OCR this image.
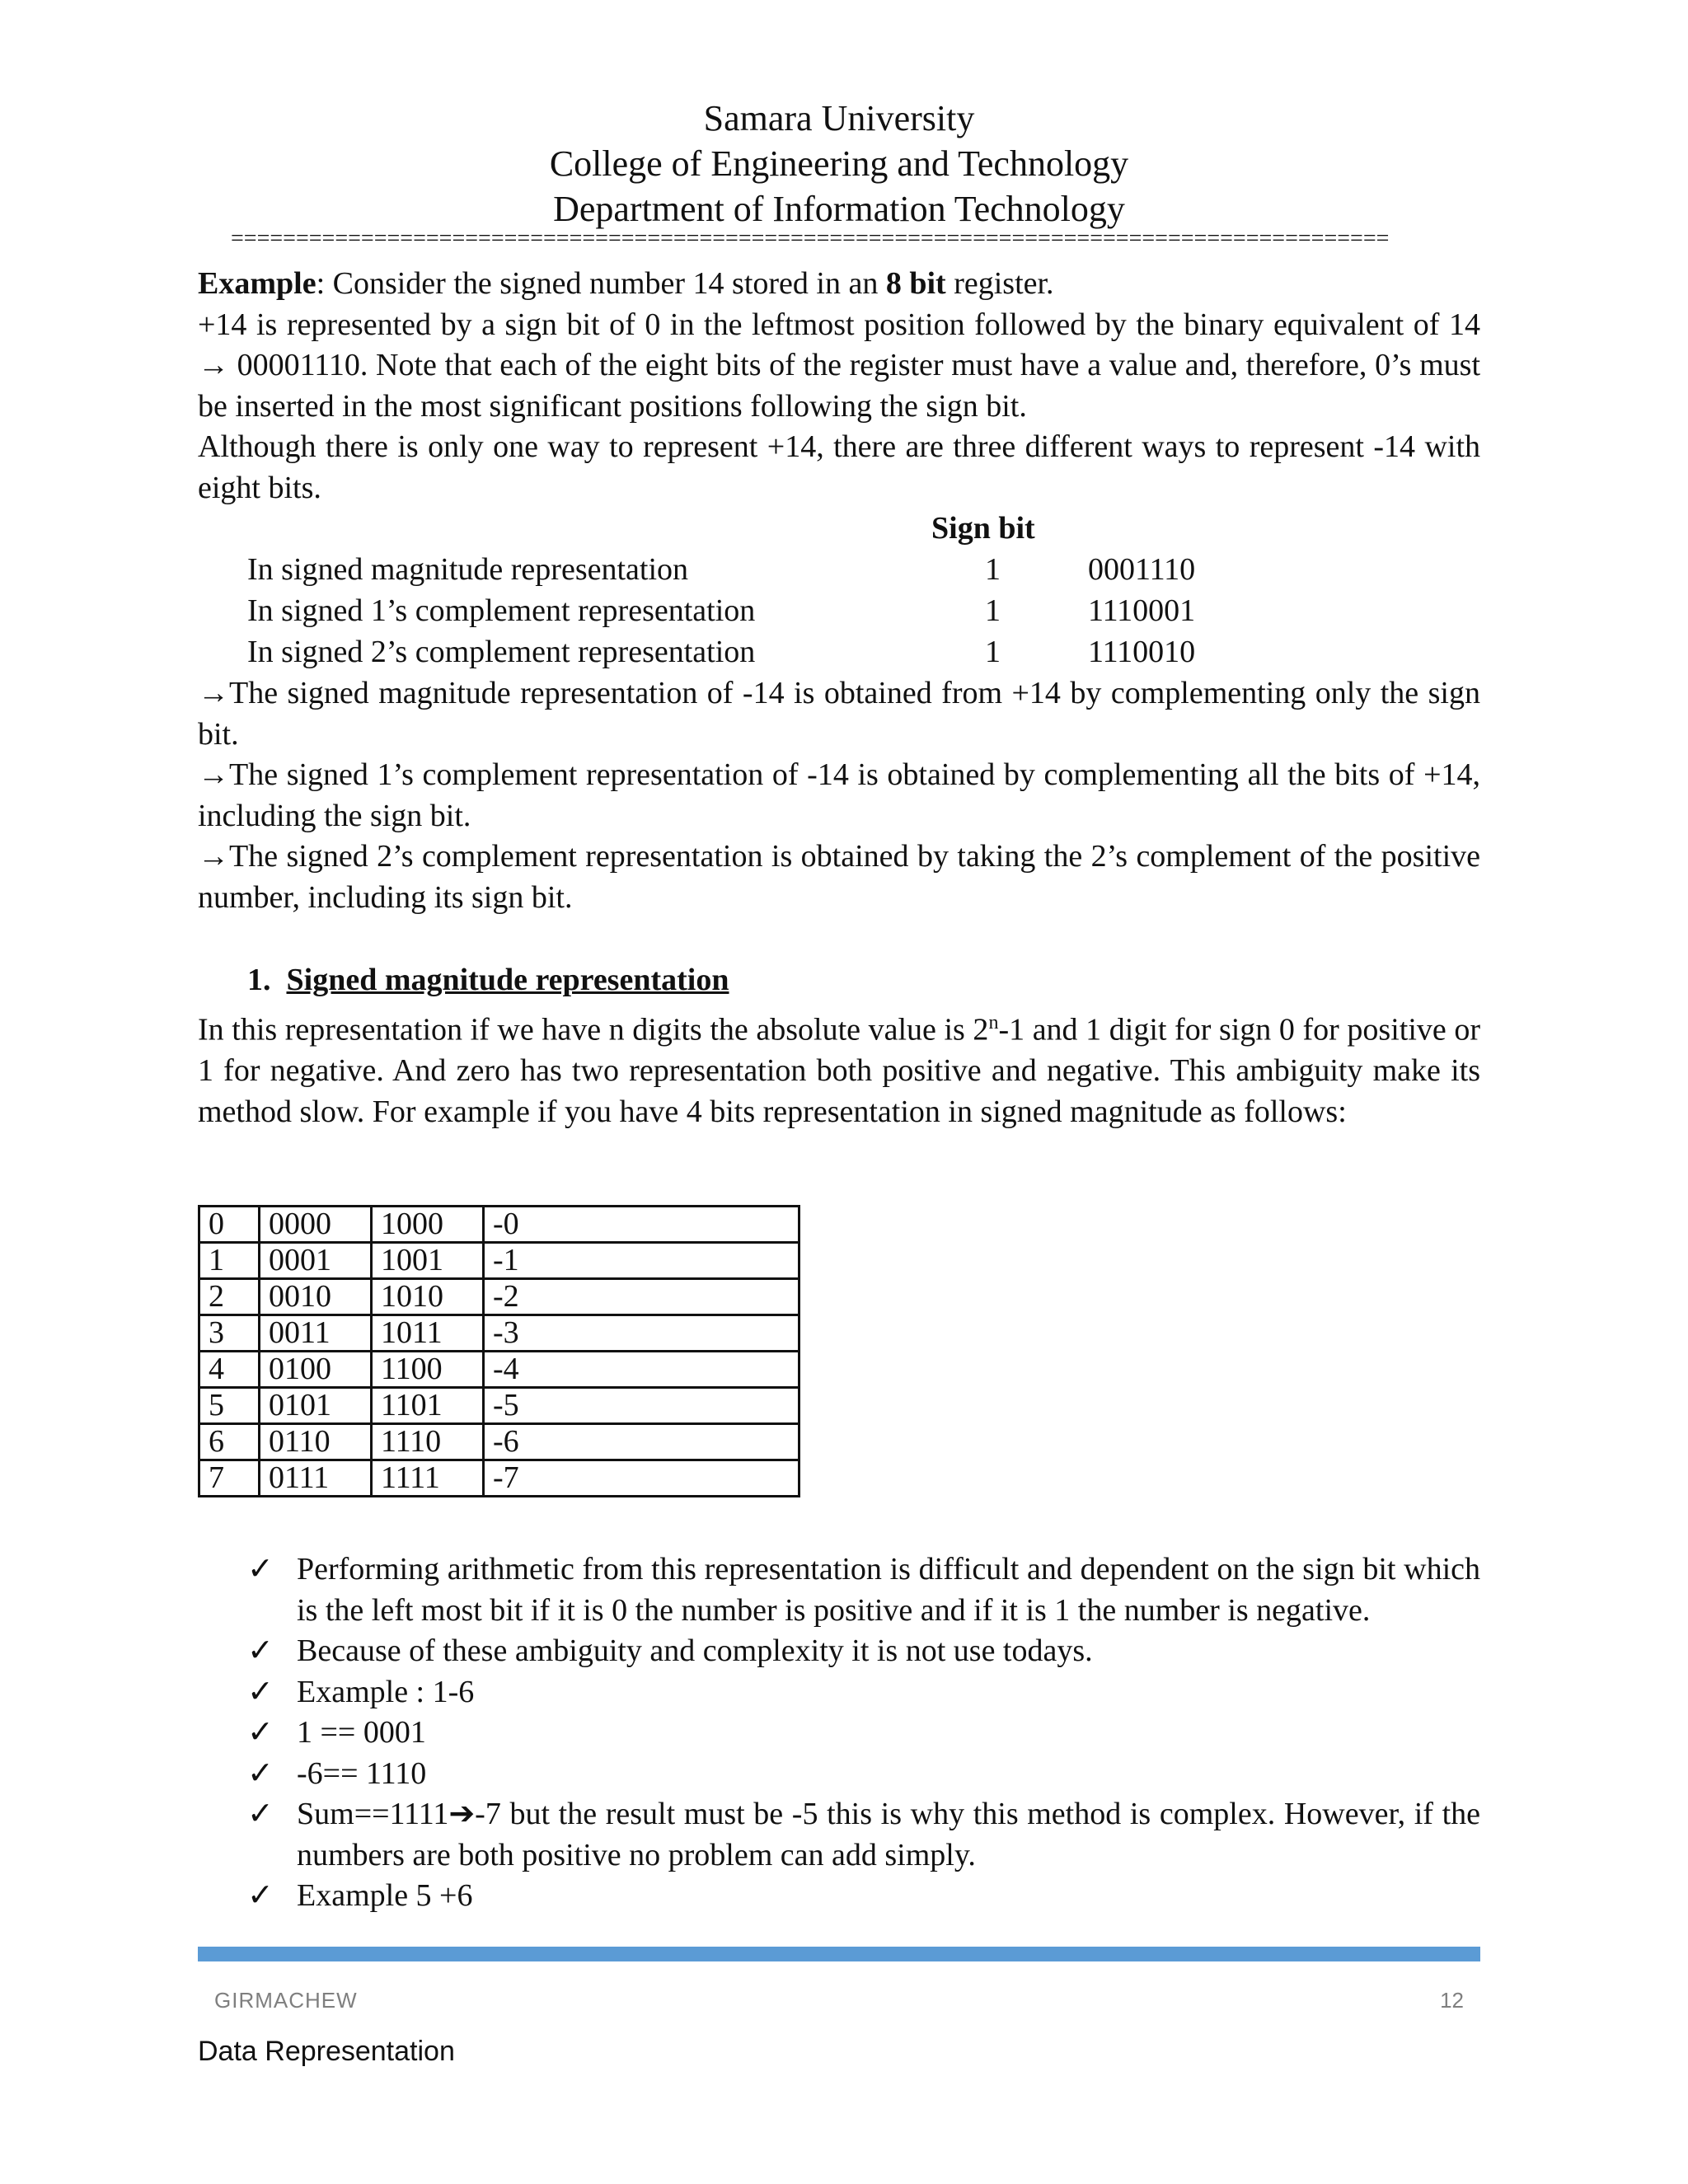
Samara University
College of Engineering and Technology
Department of Information Technology
=========================================================================================

Example: Consider the signed number 14 stored in an 8 bit register.

+14 is represented by a sign bit of 0 in the leftmost position followed by the binary equivalent of 14 → 00001110. Note that each of the eight bits of the register must have a value and, therefore, 0’s must be inserted in the most significant positions following the sign bit.

Although there is only one way to represent +14, there are three different ways to represent -14 with eight bits.

Sign bit
In signed magnitude representation	1	0001110
In signed 1’s complement representation	1	1110001
In signed 2’s complement representation	1	1110010

→The signed magnitude representation of -14 is obtained from +14 by complementing only the sign bit.

→The signed 1’s complement representation of -14 is obtained by complementing all the bits of +14, including the sign bit.

→The signed 2’s complement representation is obtained by taking the 2’s complement of the positive number, including its sign bit.

1. Signed magnitude representation

In this representation if we have n digits the absolute value is 2$^n$-1 and 1 digit for sign 0 for positive or 1 for negative. And zero has two representation both positive and negative. This ambiguity make its method slow. For example if you have 4 bits representation in signed magnitude as follows:

0	0000	1000	-0
1	0001	1001	-1
2	0010	1010	-2
3	0011	1011	-3
4	0100	1100	-4
5	0101	1101	-5
6	0110	1110	-6
7	0111	1111	-7
✓ Performing arithmetic from this representation is difficult and dependent on the sign bit which is the left most bit if it is 0 the number is positive and if it is 1 the number is negative.
✓ Because of these ambiguity and complexity it is not use todays.
✓ Example : 1-6
✓ 1 == 0001
✓ -6== 1110
✓ Sum==1111➔-7 but the result must be -5 this is why this method is complex. However, if the numbers are both positive no problem can add simply.
✓ Example 5 +6
GIRMACHEW	12
Data Representation
